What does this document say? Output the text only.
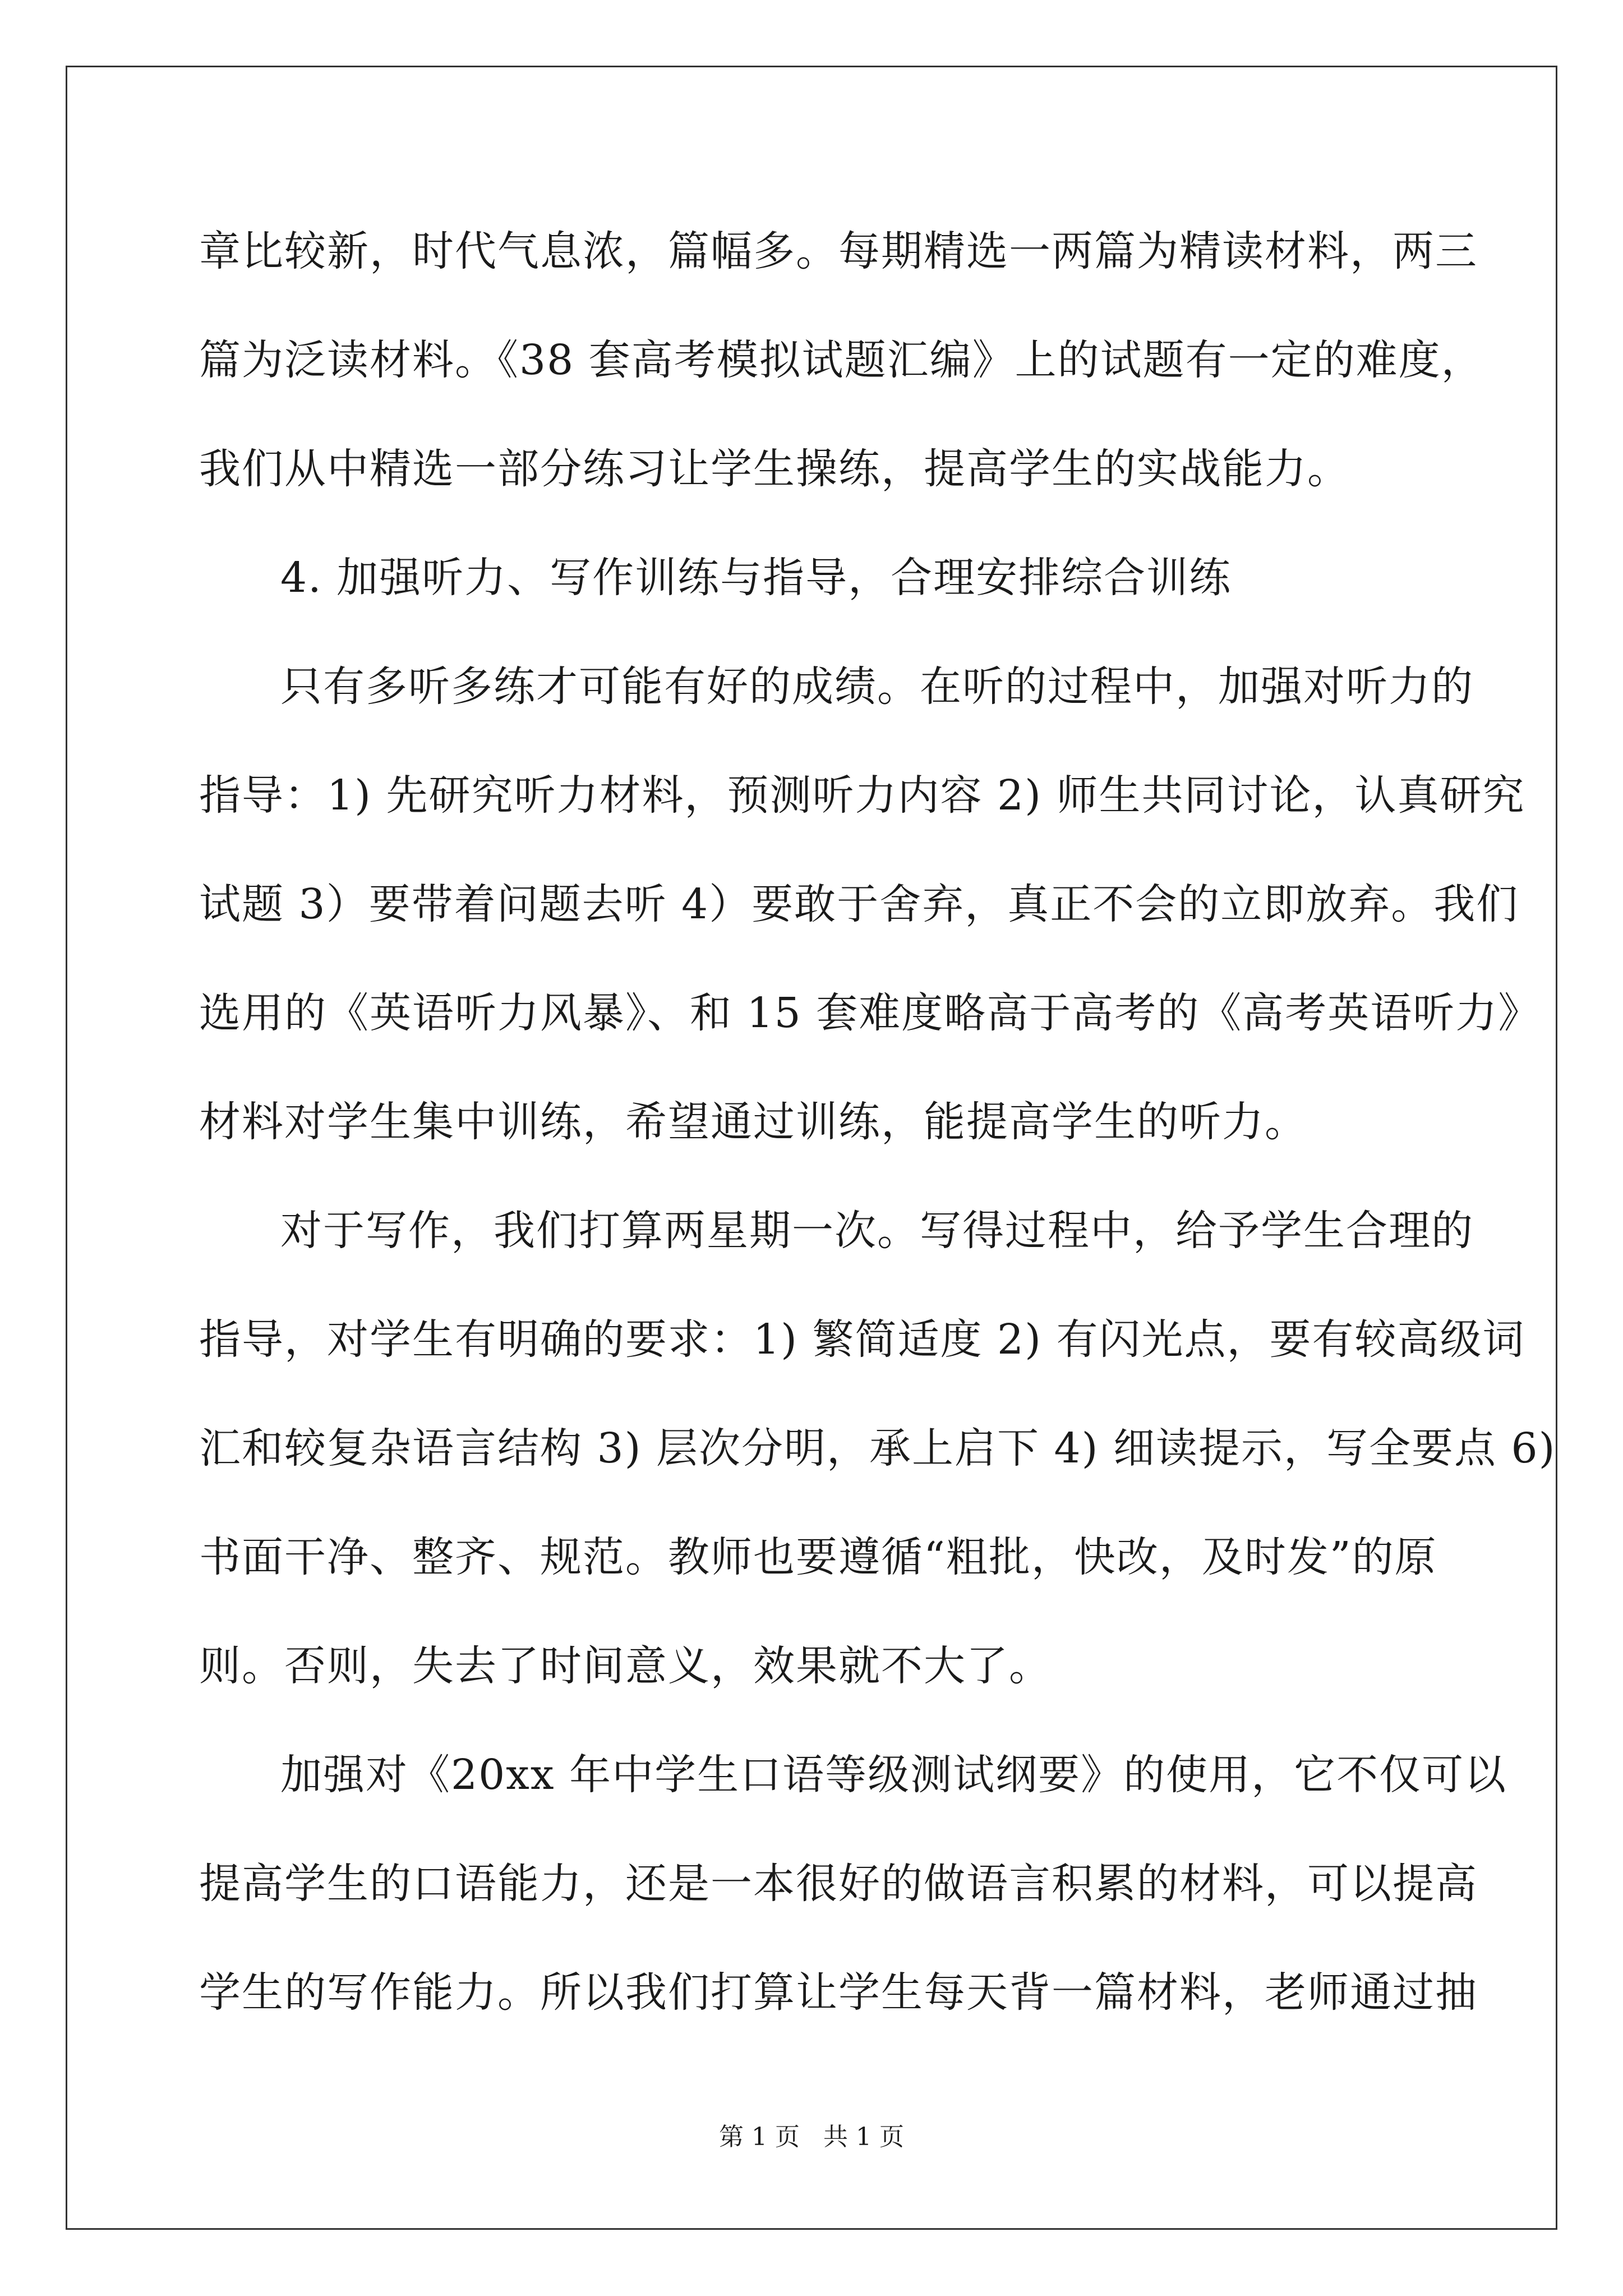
章比较新，时代气息浓，篇幅多。每期精选一两篇为精读材料，两三
篇为泛读材料。《38 套高考模拟试题汇编》上的试题有一定的难度，
我们从中精选一部分练习让学生操练，提高学生的实战能力。
4. 加强听力、写作训练与指导，合理安排综合训练
只有多听多练才可能有好的成绩。在听的过程中，加强对听力的
指导：1) 先研究听力材料，预测听力内容 2) 师生共同讨论，认真研究
试题 3）要带着问题去听 4）要敢于舍弃，真正不会的立即放弃。我们
选用的《英语听力风暴》、和 15 套难度略高于高考的《高考英语听力》
材料对学生集中训练，希望通过训练，能提高学生的听力。
对于写作，我们打算两星期一次。写得过程中，给予学生合理的
指导，对学生有明确的要求：1) 繁简适度 2) 有闪光点，要有较高级词
汇和较复杂语言结构 3) 层次分明，承上启下 4) 细读提示，写全要点 6)
书面干净、整齐、规范。教师也要遵循“粗批，快改，及时发”的原
则。否则，失去了时间意义，效果就不大了。
加强对《20xx 年中学生口语等级测试纲要》的使用，它不仅可以
提高学生的口语能力，还是一本很好的做语言积累的材料，可以提高
学生的写作能力。所以我们打算让学生每天背一篇材料，老师通过抽
第 1 页   共 1 页
